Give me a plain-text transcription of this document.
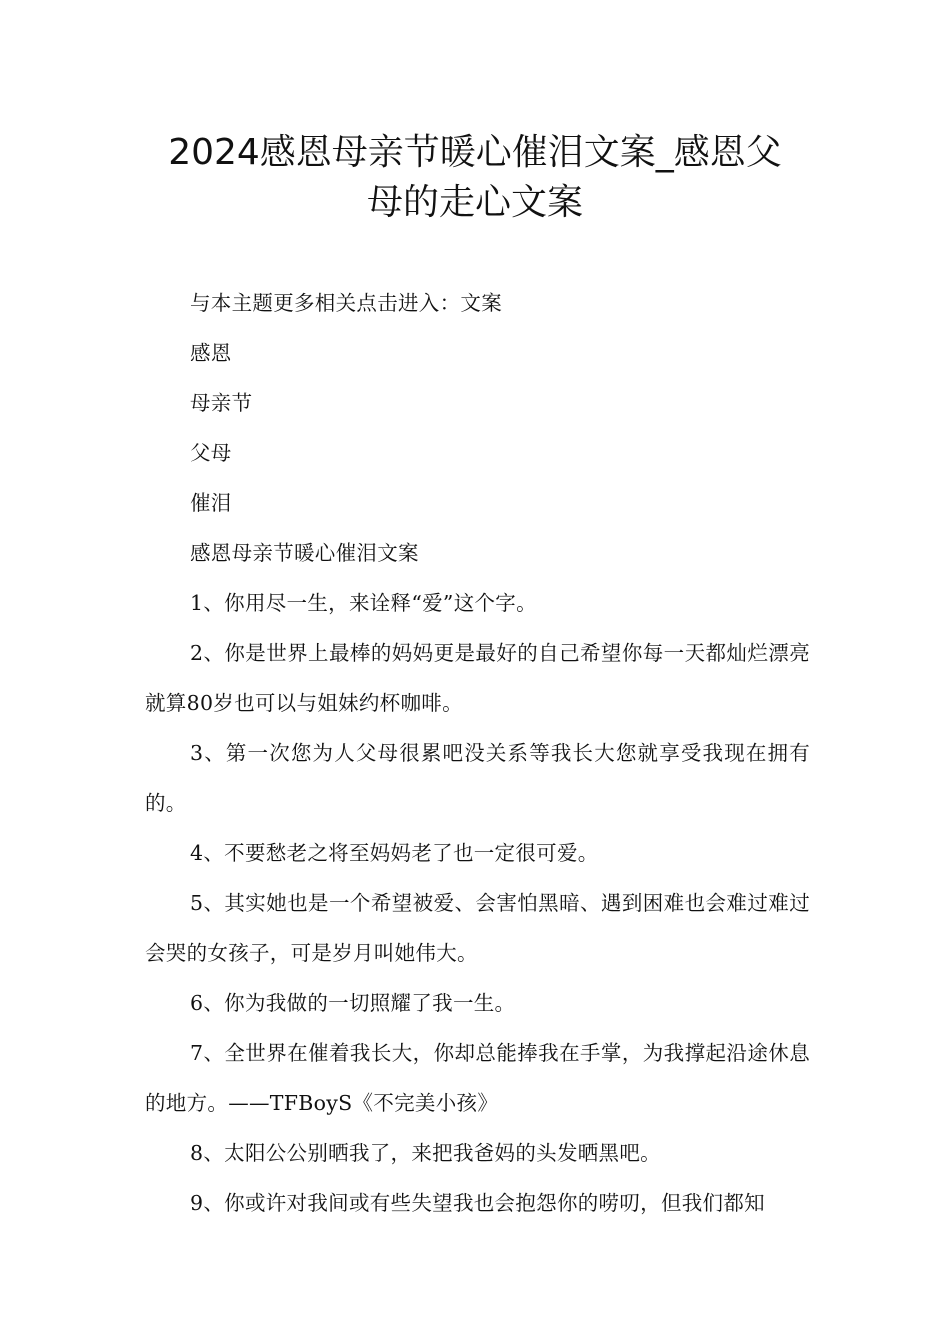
2024感恩母亲节暖心催泪文案_感恩父
母的走心文案

与本主题更多相关点击进入：文案

感恩

母亲节

父母

催泪

感恩母亲节暖心催泪文案

1、你用尽一生，来诠释“爱”这个字。

2、你是世界上最棒的妈妈更是最好的自己希望你每一天都灿烂漂亮就算80岁也可以与姐妹约杯咖啡。

3、第一次您为人父母很累吧没关系等我长大您就享受我现在拥有的。

4、不要愁老之将至妈妈老了也一定很可爱。

5、其实她也是一个希望被爱、会害怕黑暗、遇到困难也会难过难过会哭的女孩子，可是岁月叫她伟大。

6、你为我做的一切照耀了我一生。

7、全世界在催着我长大，你却总能捧我在手掌，为我撑起沿途休息的地方。——TFBoyS《不完美小孩》

8、太阳公公别晒我了，来把我爸妈的头发晒黑吧。

9、你或许对我间或有些失望我也会抱怨你的唠叨，但我们都知
